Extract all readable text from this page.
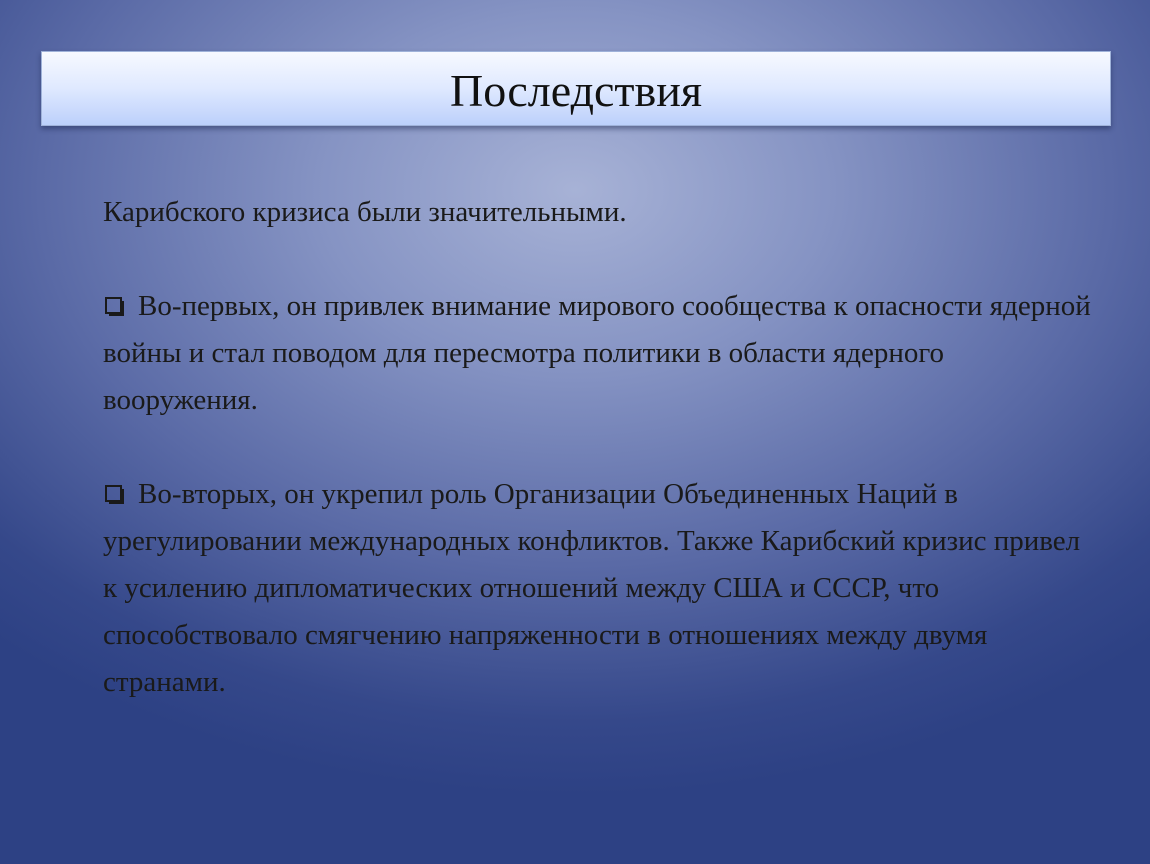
Последствия

Карибского кризиса были значительными.

Во-первых, он привлек внимание мирового сообщества к опасности ядерной войны и стал поводом для пересмотра политики в области ядерного вооружения.

Во-вторых, он укрепил роль Организации Объединенных Наций в урегулировании международных конфликтов. Также Карибский кризис привел к усилению дипломатических отношений между США и СССР, что способствовало смягчению напряженности в отношениях между двумя странами.
